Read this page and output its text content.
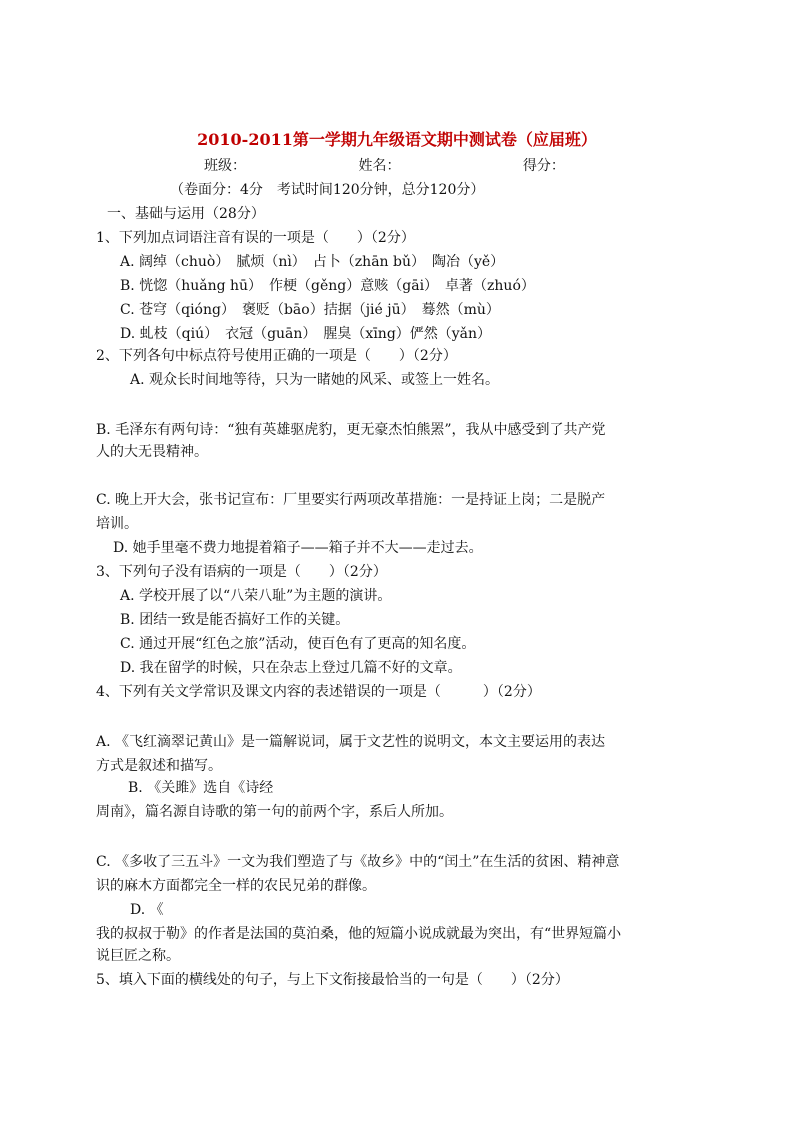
2010-2011第一学期九年级语文期中测试卷（应届班）
班级：	姓名：	得分：
（卷面分：4分　考试时间120分钟，总分120分）
一、基础与运用（28分）
1、下列加点词语注音有误的一项是（　　）（2分）
A. 阔绰（chuò）　腻烦（nì）　占卜（zhān bǔ）　陶冶（yě）
B. 恍惚（huǎng hū）　作梗（gěng）意赅（gāi）　卓著（zhuó）
C. 苍穹（qióng）　褒贬（bāo）拮据（jié jū）　蓦然（mù）
D. 虬枝（qiú）　衣冠（guān）　腥臭（xīng）俨然（yǎn）
2、下列各句中标点符号使用正确的一项是（　　）（2分）
A. 观众长时间地等待，只为一睹她的风采、或签上一姓名。
B. 毛泽东有两句诗：“独有英雄驱虎豹，更无豪杰怕熊罴”，我从中感受到了共产党
人的大无畏精神。
C. 晚上开大会，张书记宣布：厂里要实行两项改革措施：一是持证上岗；二是脱产
培训。
D. 她手里毫不费力地提着箱子——箱子并不大——走过去。
3、下列句子没有语病的一项是（　　）（2分）
A. 学校开展了以“八荣八耻”为主题的演讲。
B. 团结一致是能否搞好工作的关键。
C. 通过开展“红色之旅”活动，使百色有了更高的知名度。
D. 我在留学的时候，只在杂志上登过几篇不好的文章。
4、下列有关文学常识及课文内容的表述错误的一项是（　　　）（2分）
A. 《飞红滴翠记黄山》是一篇解说词，属于文艺性的说明文，本文主要运用的表达
方式是叙述和描写。
B. 《关雎》选自《诗经
周南》，篇名源自诗歌的第一句的前两个字，系后人所加。
C. 《多收了三五斗》一文为我们塑造了与《故乡》中的“闰土”在生活的贫困、精神意
识的麻木方面都完全一样的农民兄弟的群像。
D. 《
我的叔叔于勒》的作者是法国的莫泊桑，他的短篇小说成就最为突出，有“世界短篇小
说巨匠之称。
5、填入下面的横线处的句子，与上下文衔接最恰当的一句是（　　）（2分）
